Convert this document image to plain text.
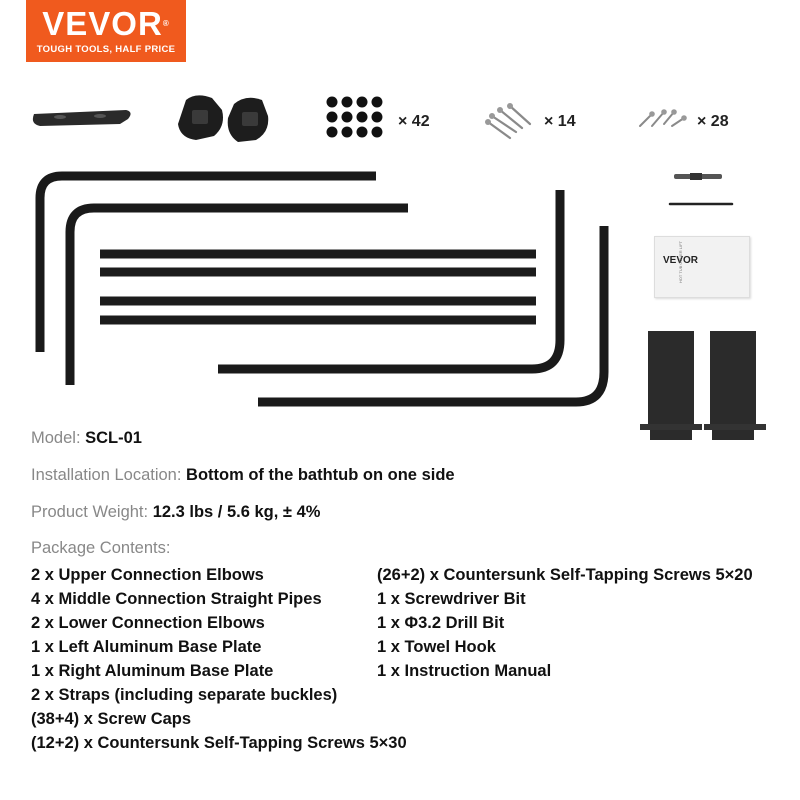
VEVOR®
TOUGH TOOLS, HALF PRICE
× 42	× 14	× 28
VEVOR
HOT TUB COVER LIFT
Model: SCL-01
Installation Location: Bottom of the bathtub on one side
Product Weight: 12.3 lbs / 5.6 kg, ± 4%
Package Contents:
2 x Upper Connection Elbows
4 x Middle Connection Straight Pipes
2 x Lower Connection Elbows
1 x Left Aluminum Base Plate
1 x Right Aluminum Base Plate
2 x Straps (including separate buckles)
(38+4) x Screw Caps
(12+2) x Countersunk Self-Tapping Screws 5×30
(26+2) x Countersunk Self-Tapping Screws 5×20
1 x Screwdriver Bit
1 x Φ3.2 Drill Bit
1 x Towel Hook
1 x Instruction Manual
